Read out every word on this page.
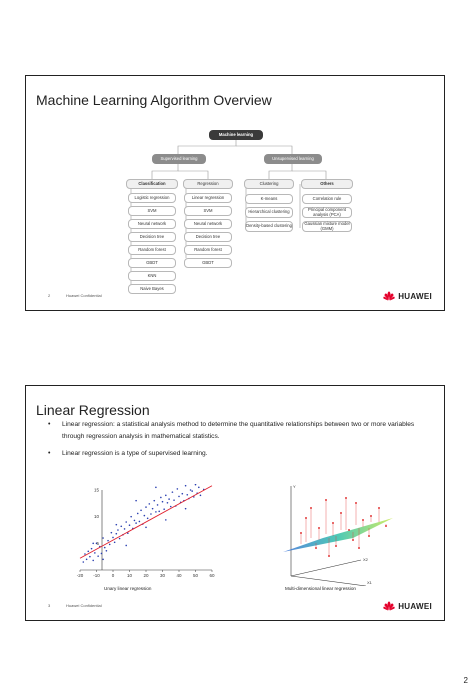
Machine Learning Algorithm Overview
Machine learning
Supervised learning	Unsupervised learning
Classification	Regression	Clustering	Others
Logistic regression
SVM
Neural network
Decision tree
Random forest
GBDT
KNN
Naive Bayes
Linear regression
SVM
Neural network
Decision tree
Random forest
GBDT
K-means
Hierarchical clustering
Density-based clustering
Correlation rule
Principal component analysis (PCA)
Gaussian mixture model (GMM)
2	Huawei Confidential	HUAWEI
Linear Regression
• Linear regression: a statistical analysis method to determine the quantitative relationships between two or more variables through regression analysis in mathematical statistics.
• Linear regression is a type of supervised learning.
-20 -10	0	10	20	30	40	50	60
5
10
15
Unary linear regression
Y
X2
X1
Multi-dimensional linear regression
3	Huawei Confidential	HUAWEI
2
